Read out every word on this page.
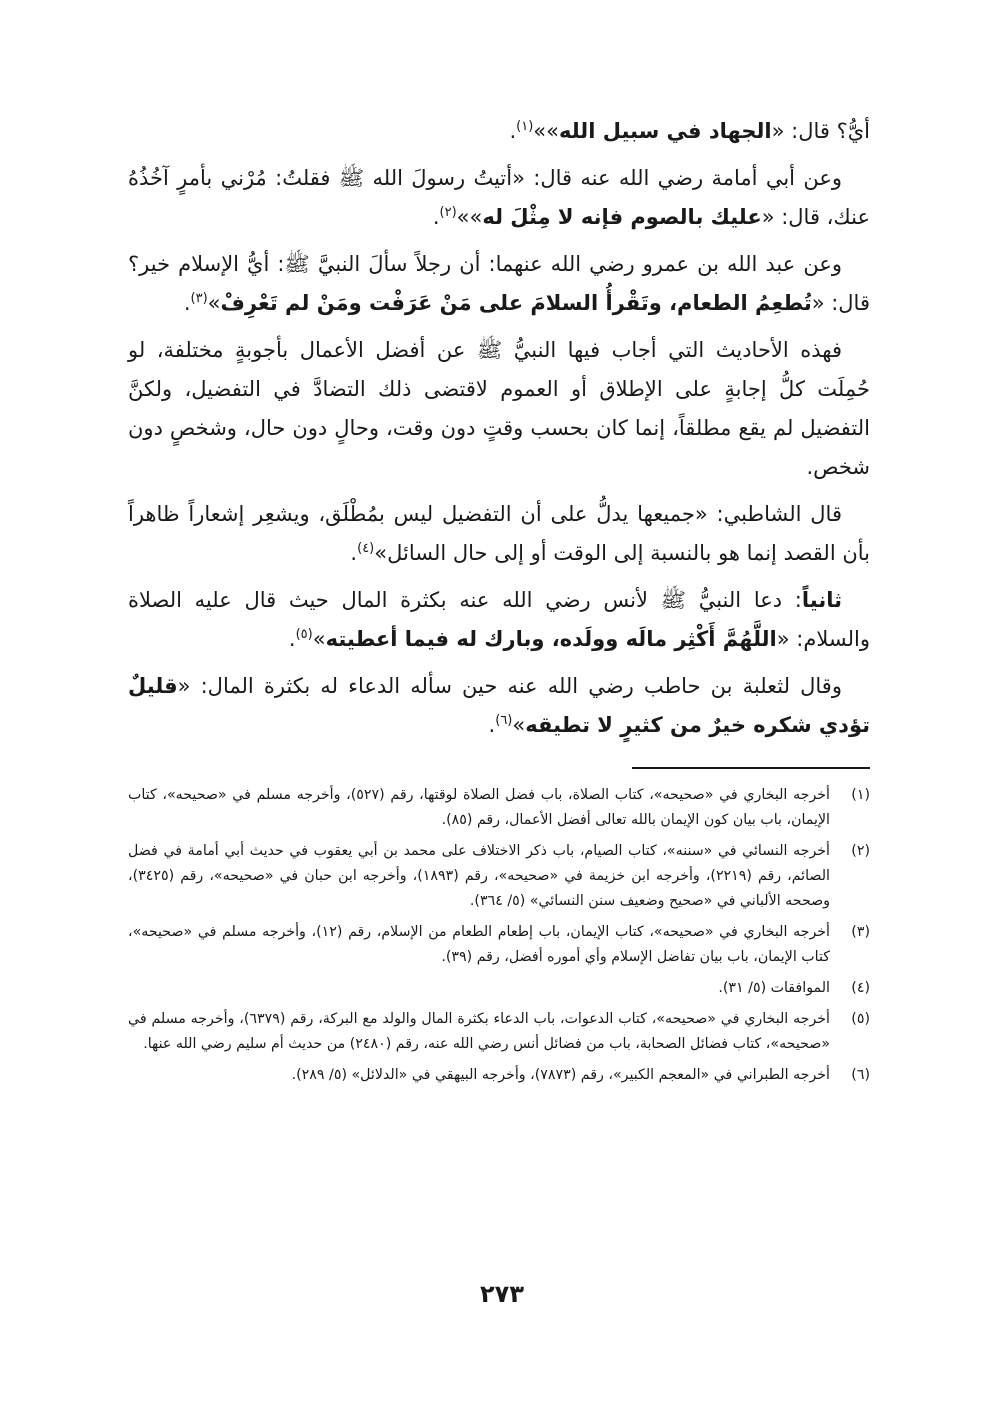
أيُّ؟ قال: «الجهاد في سبيل الله»»$^{(١)}$.

وعن أبي أمامة رضي الله عنه قال: «أتيتُ رسولَ الله ﷺ فقلتُ: مُرْني بأمرٍ آخُذُهُ عنك، قال: «عليك بالصوم فإنه لا مِثْلَ له»»$^{(٢)}$.

وعن عبد الله بن عمرو رضي الله عنهما: أن رجلاً سألَ النبيَّ ﷺ: أيُّ الإسلام خير؟ قال: «تُطعِمُ الطعام، وتَقْرأُ السلامَ على مَنْ عَرَفْت ومَنْ لم تَعْرِفْ»$^{(٣)}$.

فهذه الأحاديث التي أجاب فيها النبيُّ ﷺ عن أفضل الأعمال بأجوبةٍ مختلفة، لو حُمِلَت كلُّ إجابةٍ على الإطلاق أو العموم لاقتضى ذلك التضادَّ في التفضيل، ولكنَّ التفضيل لم يقع مطلقاً، إنما كان بحسب وقتٍ دون وقت، وحالٍ دون حال، وشخصٍ دون شخص.

قال الشاطبي: «جميعها يدلُّ على أن التفضيل ليس بمُطْلَق، ويشعِر إشعاراً ظاهراً بأن القصد إنما هو بالنسبة إلى الوقت أو إلى حال السائل»$^{(٤)}$.

ثانياً: دعا النبيُّ ﷺ لأنس رضي الله عنه بكثرة المال حيث قال عليه الصلاة والسلام: «اللَّهُمَّ أَكْثِر مالَه وولَده، وبارك له فيما أعطيته»$^{(٥)}$.

وقال لثعلبة بن حاطب رضي الله عنه حين سأله الدعاء له بكثرة المال: «قليلٌ تؤدي شكره خيرٌ من كثيرٍ لا تطيقه»$^{(٦)}$.

(١)
أخرجه البخاري في «صحيحه»، كتاب الصلاة، باب فضل الصلاة لوقتها، رقم (٥٢٧)، وأخرجه مسلم في «صحيحه»، كتاب الإيمان، باب بيان كون الإيمان بالله تعالى أفضل الأعمال، رقم (٨٥).
(٢)
أخرجه النسائي في «سننه»، كتاب الصيام، باب ذكر الاختلاف على محمد بن أبي يعقوب في حديث أبي أمامة في فضل الصائم، رقم (٢٢١٩)، وأخرجه ابن خزيمة في «صحيحه»، رقم (١٨٩٣)، وأخرجه ابن حبان في «صحيحه»، رقم (٣٤٢٥)، وصححه الألباني في «صحيح وضعيف سنن النسائي» (٥/ ٣٦٤).
(٣)
أخرجه البخاري في «صحيحه»، كتاب الإيمان، باب إطعام الطعام من الإسلام، رقم (١٢)، وأخرجه مسلم في «صحيحه»، كتاب الإيمان، باب بيان تفاضل الإسلام وأي أموره أفضل، رقم (٣٩).
(٤)
الموافقات (٥/ ٣١).
(٥)
أخرجه البخاري في «صحيحه»، كتاب الدعوات، باب الدعاء بكثرة المال والولد مع البركة، رقم (٦٣٧٩)، وأخرجه مسلم في «صحيحه»، كتاب فضائل الصحابة، باب من فضائل أنس رضي الله عنه، رقم (٢٤٨٠) من حديث أم سليم رضي الله عنها.
(٦)
أخرجه الطبراني في «المعجم الكبير»، رقم (٧٨٧٣)، وأخرجه البيهقي في «الدلائل» (٥/ ٢٨٩).
٢٧٣
